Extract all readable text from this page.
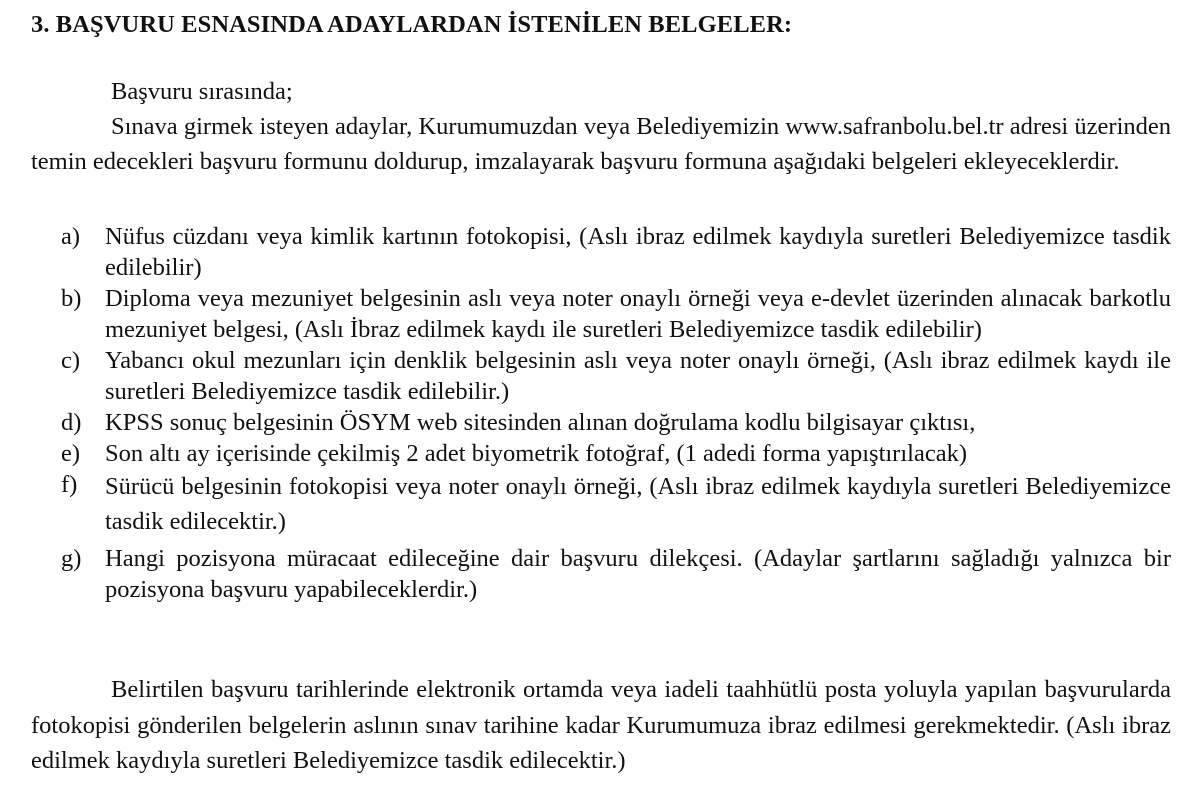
3. BAŞVURU ESNASINDA ADAYLARDAN İSTENİLEN BELGELER:
Başvuru sırasında;
Sınava girmek isteyen adaylar, Kurumumuzdan veya Belediyemizin www.safranbolu.bel.tr adresi üzerinden temin edecekleri başvuru formunu doldurup, imzalayarak başvuru formuna aşağıdaki belgeleri ekleyeceklerdir.
a) Nüfus cüzdanı veya kimlik kartının fotokopisi, (Aslı ibraz edilmek kaydıyla suretleri Belediyemizce tasdik edilebilir)
b) Diploma veya mezuniyet belgesinin aslı veya noter onaylı örneği veya e-devlet üzerinden alınacak barkotlu mezuniyet belgesi, (Aslı İbraz edilmek kaydı ile suretleri Belediyemizce tasdik edilebilir)
c) Yabancı okul mezunları için denklik belgesinin aslı veya noter onaylı örneği, (Aslı ibraz edilmek kaydı ile suretleri Belediyemizce tasdik edilebilir.)
d) KPSS sonuç belgesinin ÖSYM web sitesinden alınan doğrulama kodlu bilgisayar çıktısı,
e) Son altı ay içerisinde çekilmiş 2 adet biyometrik fotoğraf, (1 adedi forma yapıştırılacak)
f) Sürücü belgesinin fotokopisi veya noter onaylı örneği, (Aslı ibraz edilmek kaydıyla suretleri Belediyemizce tasdik edilecektir.)
g) Hangi pozisyona müracaat edileceğine dair başvuru dilekçesi. (Adaylar şartlarını sağladığı yalnızca bir pozisyona başvuru yapabileceklerdir.)
Belirtilen başvuru tarihlerinde elektronik ortamda veya iadeli taahhütlü posta yoluyla yapılan başvurularda fotokopisi gönderilen belgelerin aslının sınav tarihine kadar Kurumumuza ibraz edilmesi gerekmektedir. (Aslı ibraz edilmek kaydıyla suretleri Belediyemizce tasdik edilecektir.)
